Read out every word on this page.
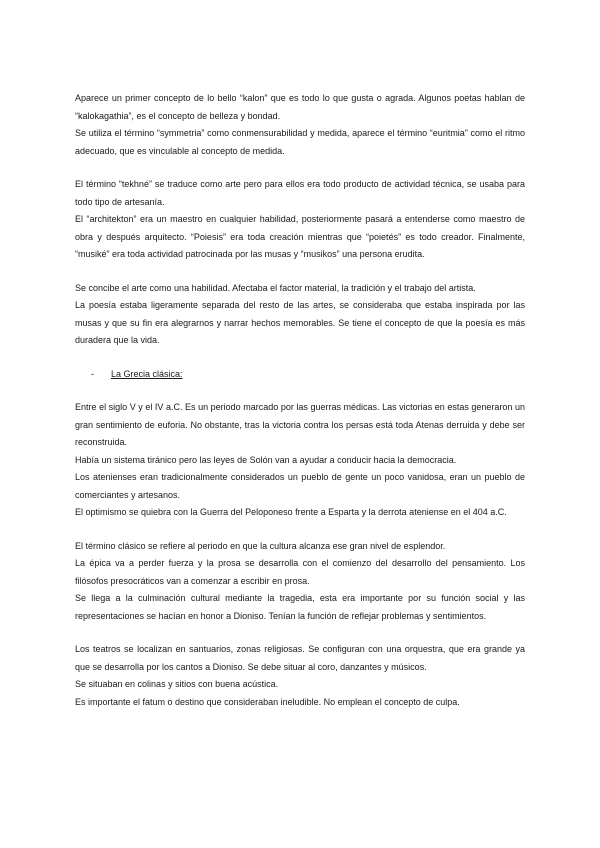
Aparece un primer concepto de lo bello “kalon” que es todo lo que gusta o agrada. Algunos poetas hablan de “kalokagathia”, es el concepto de belleza y bondad.

Se utiliza el término “symmetria” como conmensurabilidad y medida, aparece el término “euritmia” como el ritmo adecuado, que es vinculable al concepto de medida.

El término “tekhné” se traduce como arte pero para ellos era todo producto de actividad técnica, se usaba para todo tipo de artesanía.

El “architekton” era un maestro en cualquier habilidad, posteriormente pasará a entenderse como maestro de obra y después arquitecto. “Poiesis” era toda creación mientras que “poietés” es todo creador. Finalmente, “musiké” era toda actividad patrocinada por las musas y “musikos” una persona erudita.

Se concibe el arte como una habilidad. Afectaba el factor material, la tradición y el trabajo del artista.

La poesía estaba ligeramente separada del resto de las artes, se consideraba que estaba inspirada por las musas y que su fin era alegrarnos y narrar hechos memorables. Se tiene el concepto de que la poesía es más duradera que la vida.

- La Grecia clásica:

Entre el siglo V y el IV a.C. Es un periodo marcado por las guerras médicas. Las victorias en estas generaron un gran sentimiento de euforia. No obstante, tras la victoria contra los persas está toda Atenas derruida y debe ser reconstruida.

Había un sistema tiránico pero las leyes de Solón van a ayudar a conducir hacia la democracia.

Los atenienses eran tradicionalmente considerados un pueblo de gente un poco vanidosa, eran un pueblo de comerciantes y artesanos.

El optimismo se quiebra con la Guerra del Peloponeso frente a Esparta y la derrota ateniense en el 404 a.C.

El término clásico se refiere al periodo en que la cultura alcanza ese gran nivel de esplendor.

La épica va a perder fuerza y la prosa se desarrolla con el comienzo del desarrollo del pensamiento. Los filósofos presocráticos van a comenzar a escribir en prosa.

Se llega a la culminación cultural mediante la tragedia, esta era importante por su función social y las representaciones se hacían en honor a Dioniso. Tenían la función de reflejar problemas y sentimientos.

Los teatros se localizan en santuarios, zonas religiosas. Se configuran con una orquestra, que era grande ya que se desarrolla por los cantos a Dioniso. Se debe situar al coro, danzantes y músicos.

Se situaban en colinas y sitios con buena acústica.

Es importante el fatum o destino que consideraban ineludible. No emplean el concepto de culpa.
